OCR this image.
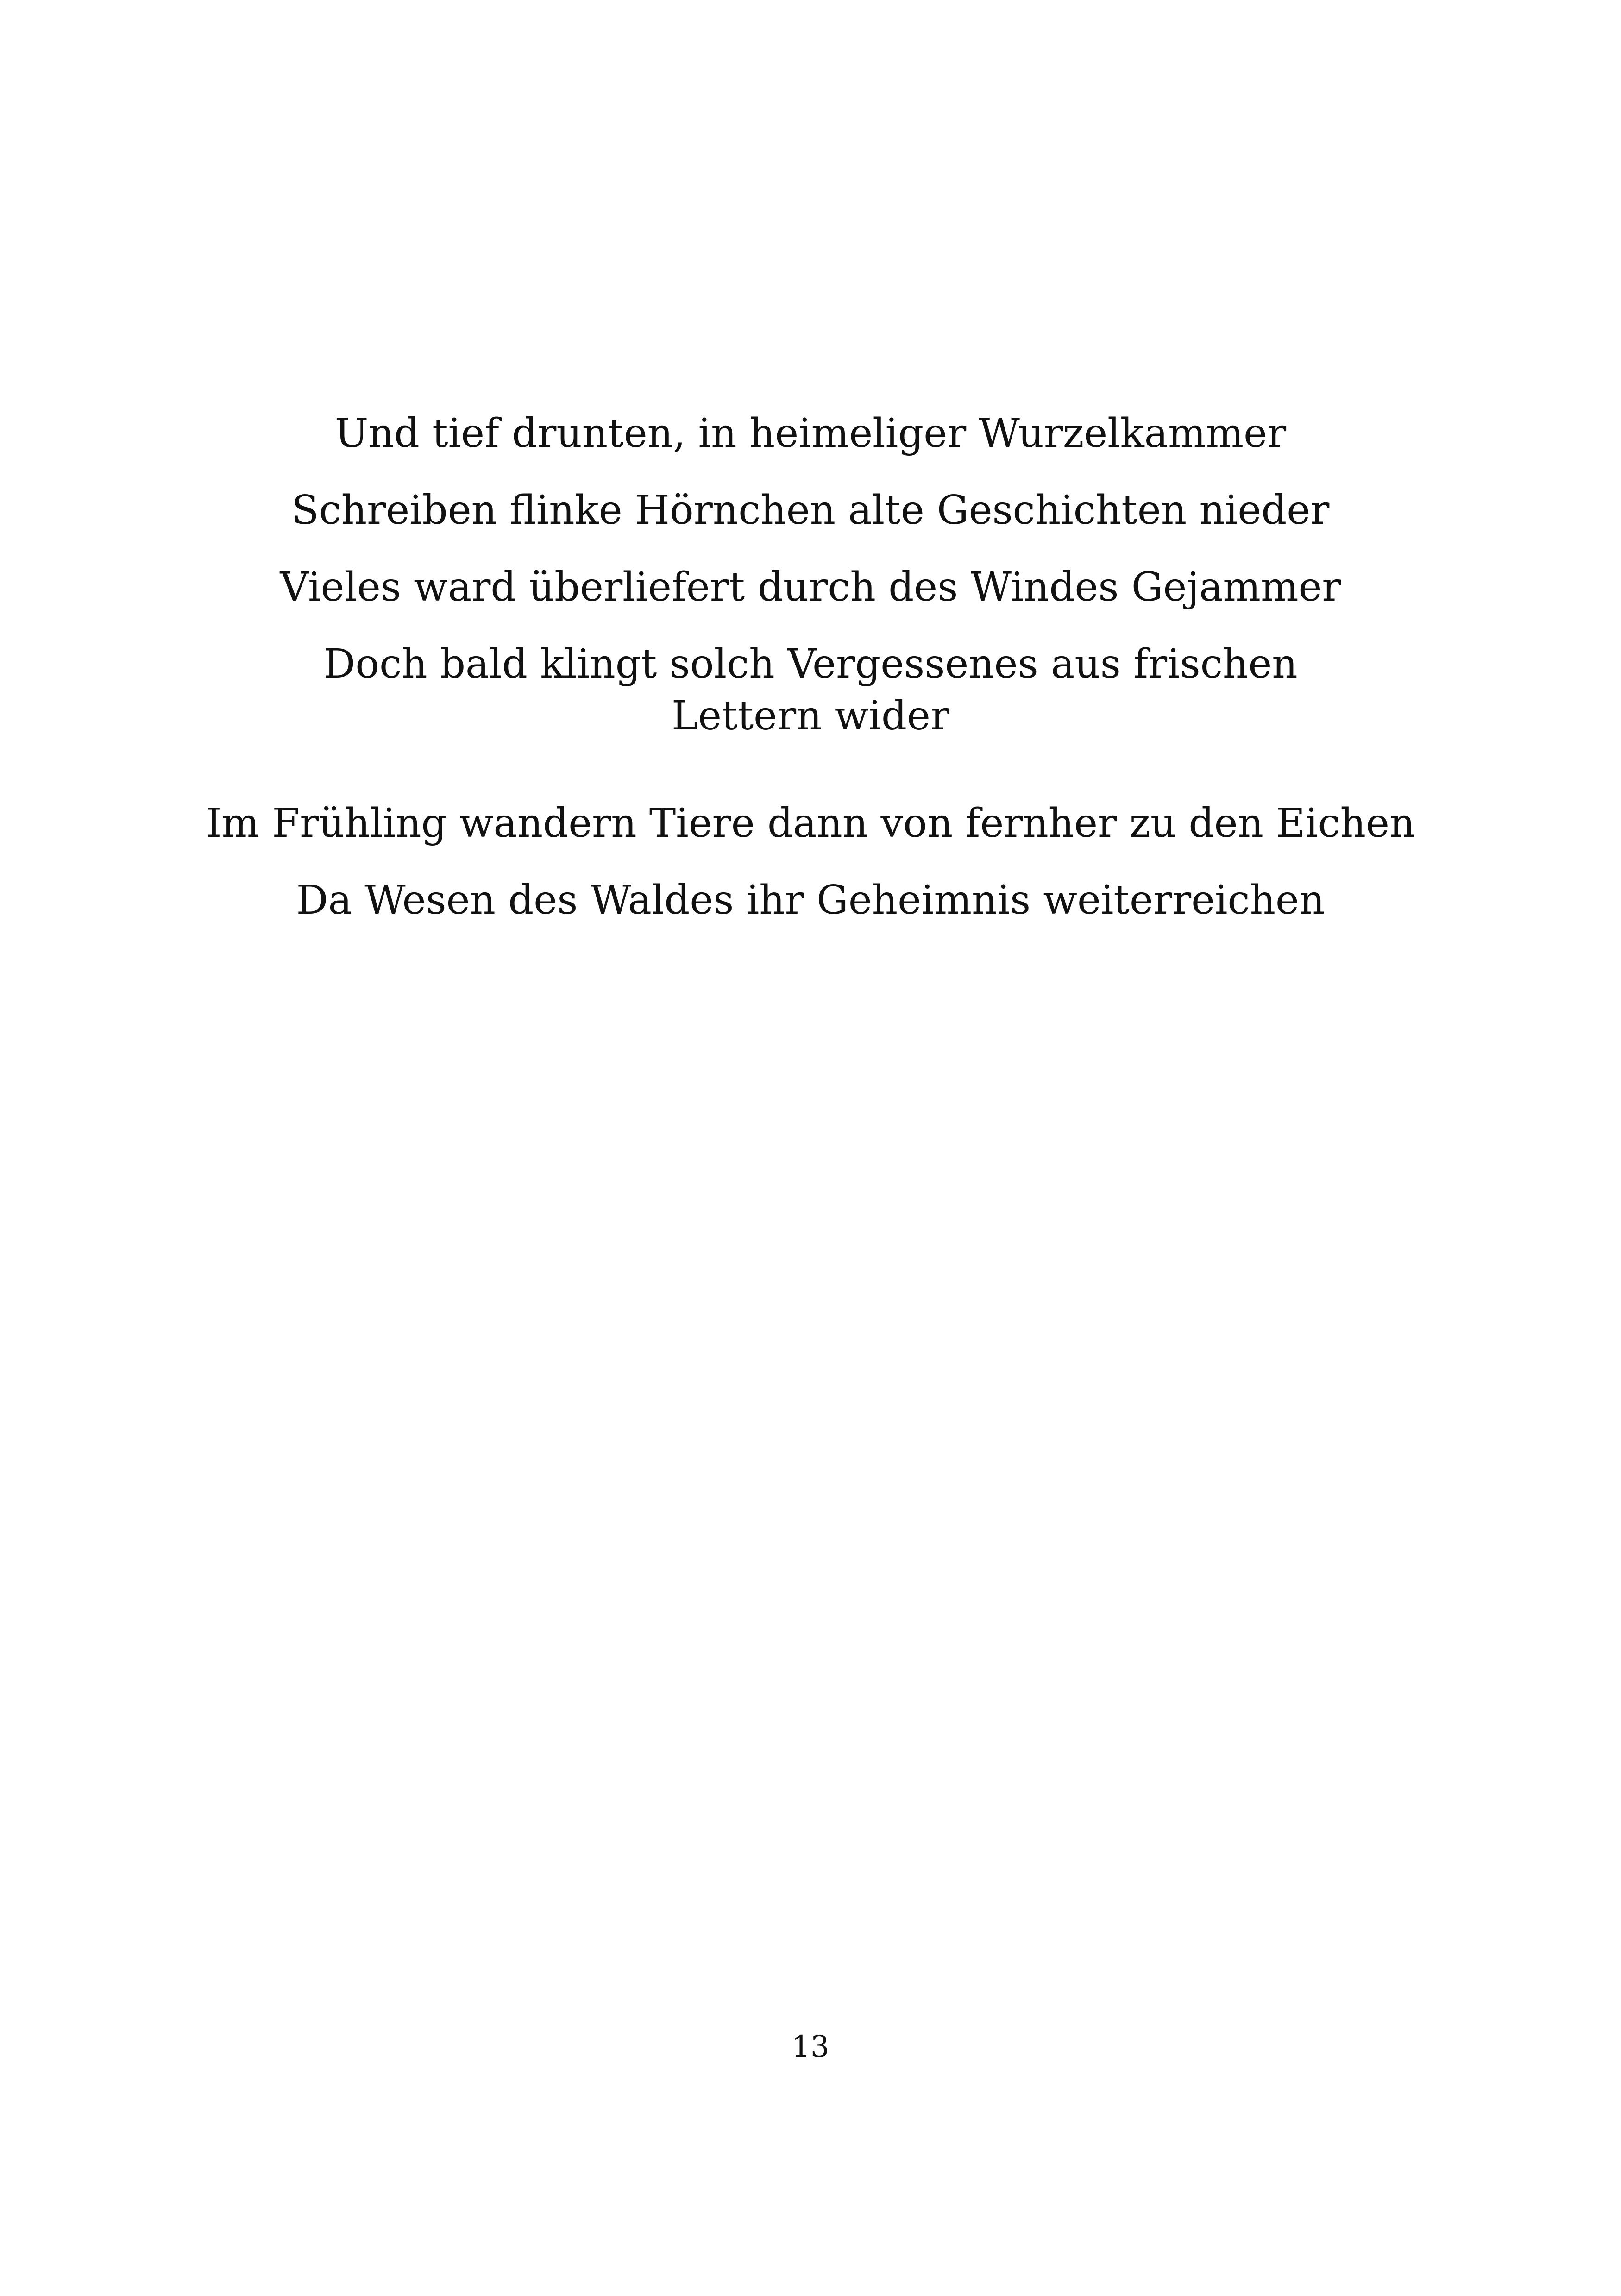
Und tief drunten, in heimeliger Wurzelkammer
Schreiben flinke Hörnchen alte Geschichten nieder
Vieles ward überliefert durch des Windes Gejammer
Doch bald klingt solch Vergessenes aus frischen Lettern wider
Im Frühling wandern Tiere dann von fernher zu den Eichen
Da Wesen des Waldes ihr Geheimnis weiterreichen
13
